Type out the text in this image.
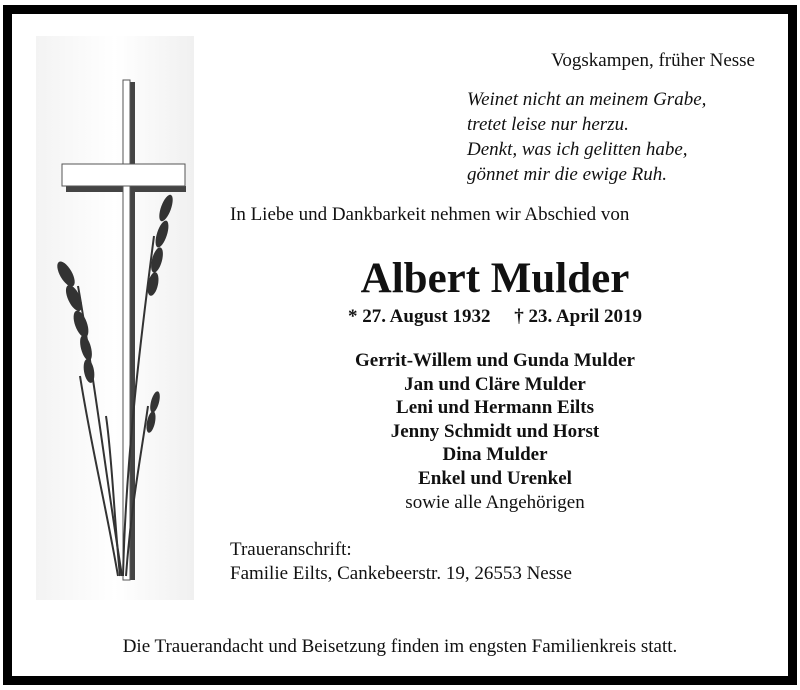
Vogskampen, früher Nesse
Weinet nicht an meinem Grabe,
tretet leise nur herzu.
Denkt, was ich gelitten habe,
gönnet mir die ewige Ruh.
In Liebe und Dankbarkeit nehmen wir Abschied von
Albert Mulder
* 27. August 1932     † 23. April 2019
Gerrit-Willem und Gunda Mulder
Jan und Cläre Mulder
Leni und Hermann Eilts
Jenny Schmidt und Horst
Dina Mulder
Enkel und Urenkel
sowie alle Angehörigen
Traueranschrift:
Familie Eilts, Cankebeerstr. 19, 26553 Nesse
Die Trauerandacht und Beisetzung finden im engsten Familienkreis statt.
